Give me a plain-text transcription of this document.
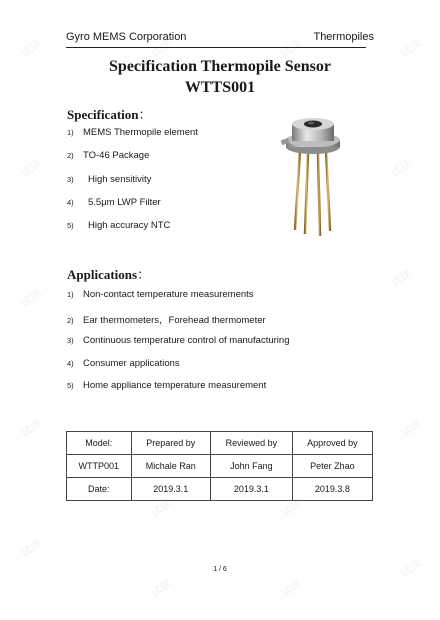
试读	试读	试读	试读
试读	试读
试读
试读
试读
试读	试读
试读
试读
试读	试读
试读
Gyro MEMS Corporation	Thermopiles
Specification Thermopile Sensor
WTTS001
Specification：
1) MEMS Thermopile element
2) TO-46 Package
3) High sensitivity
4) 5.5μm LWP Filter
5) High accuracy NTC
Applications：
1) Non-contact temperature measurements
2) Ear thermometers，Forehead thermometer
3) Continuous temperature control of manufacturing
4) Consumer applications
5) Home appliance temperature measurement
Model:	Prepared by	Reviewed by	Approved by
WTTP001	Michale Ran	John Fang	Peter Zhao
Date:	2019.3.1	2019.3.1	2019.3.8
1 / 6
